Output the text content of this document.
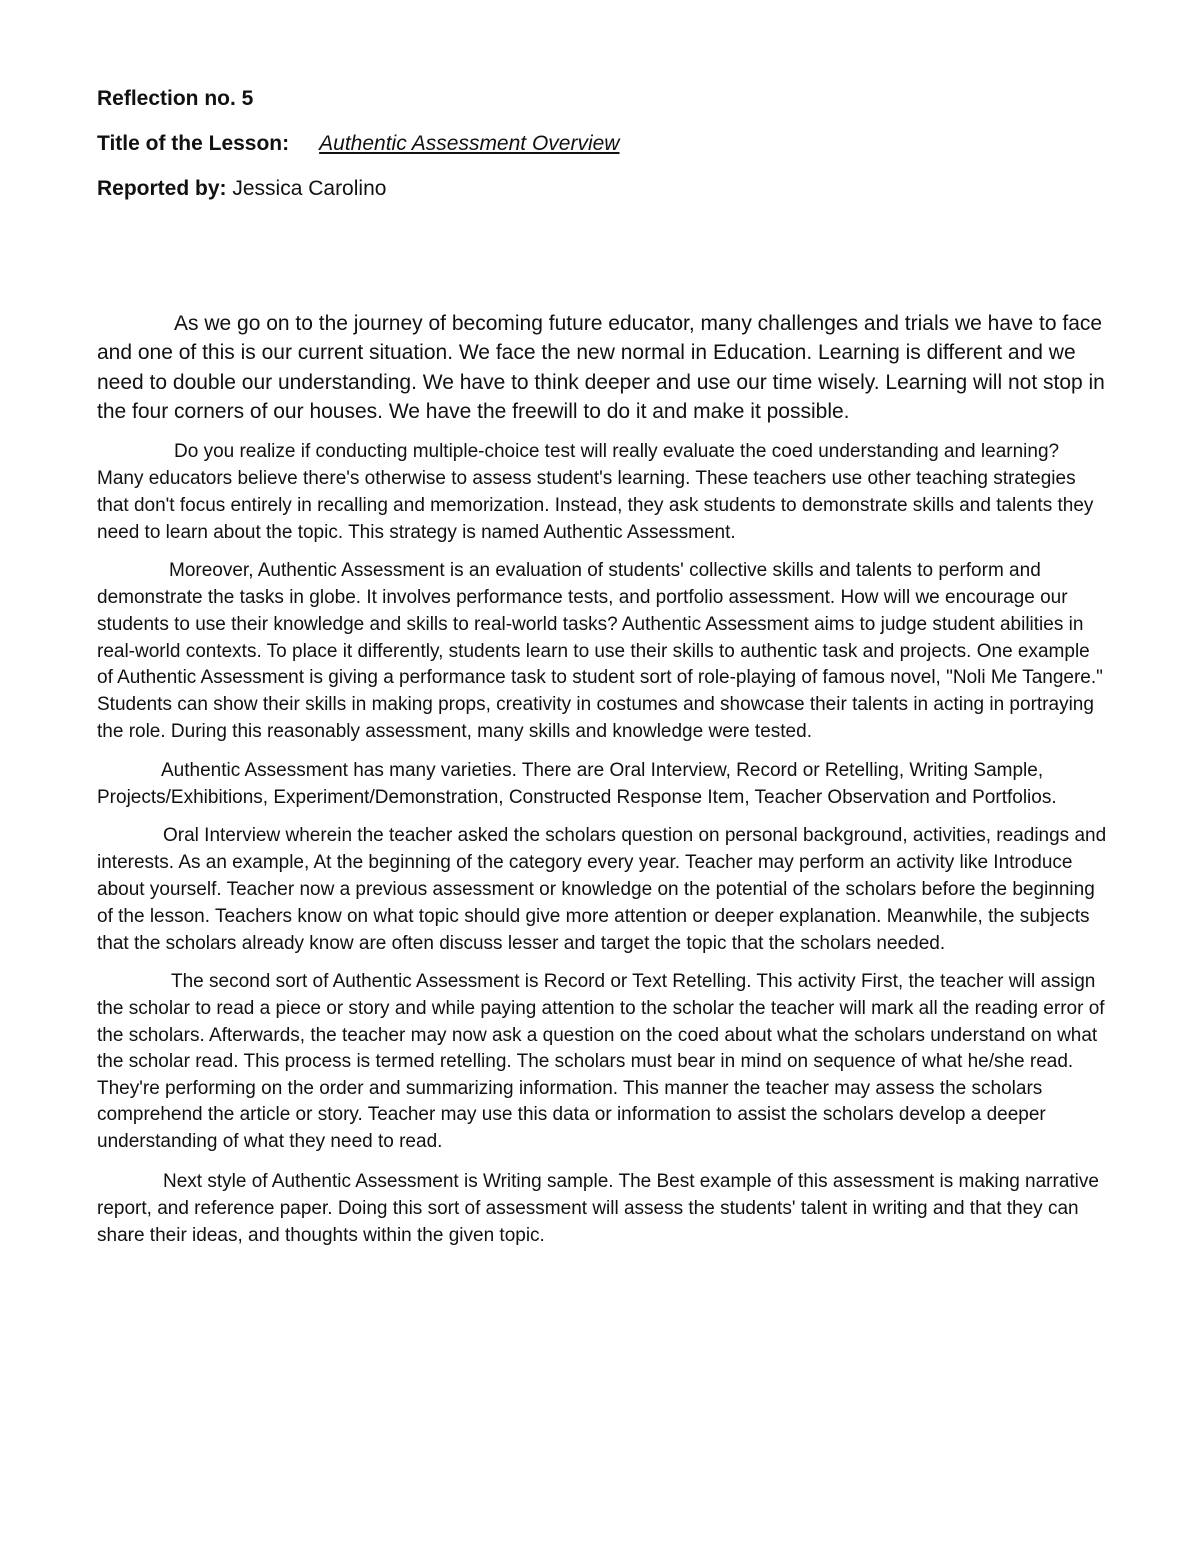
Reflection no. 5
Title of the Lesson: Authentic Assessment Overview
Reported by: Jessica Carolino

As we go on to the journey of becoming future educator, many challenges and trials we have to face and one of this is our current situation. We face the new normal in Education. Learning is different and we need to double our understanding. We have to think deeper and use our time wisely. Learning will not stop in the four corners of our houses. We have the freewill to do it and make it possible.

Do you realize if conducting multiple-choice test will really evaluate the coed understanding and learning? Many educators believe there's otherwise to assess student's learning. These teachers use other teaching strategies that don't focus entirely in recalling and memorization. Instead, they ask students to demonstrate skills and talents they need to learn about the topic. This strategy is named Authentic Assessment.

Moreover, Authentic Assessment is an evaluation of students' collective skills and talents to perform and demonstrate the tasks in globe. It involves performance tests, and portfolio assessment. How will we encourage our students to use their knowledge and skills to real-world tasks? Authentic Assessment aims to judge student abilities in real-world contexts. To place it differently, students learn to use their skills to authentic task and projects. One example of Authentic Assessment is giving a performance task to student sort of role-playing of famous novel, "Noli Me Tangere." Students can show their skills in making props, creativity in costumes and showcase their talents in acting in portraying the role. During this reasonably assessment, many skills and knowledge were tested.

Authentic Assessment has many varieties. There are Oral Interview, Record or Retelling, Writing Sample, Projects/Exhibitions, Experiment/Demonstration, Constructed Response Item, Teacher Observation and Portfolios.

Oral Interview wherein the teacher asked the scholars question on personal background, activities, readings and interests. As an example, At the beginning of the category every year. Teacher may perform an activity like Introduce about yourself. Teacher now a previous assessment or knowledge on the potential of the scholars before the beginning of the lesson. Teachers know on what topic should give more attention or deeper explanation. Meanwhile, the subjects that the scholars already know are often discuss lesser and target the topic that the scholars needed.

The second sort of Authentic Assessment is Record or Text Retelling. This activity First, the teacher will assign the scholar to read a piece or story and while paying attention to the scholar the teacher will mark all the reading error of the scholars. Afterwards, the teacher may now ask a question on the coed about what the scholars understand on what the scholar read. This process is termed retelling. The scholars must bear in mind on sequence of what he/she read. They're performing on the order and summarizing information. This manner the teacher may assess the scholars comprehend the article or story. Teacher may use this data or information to assist the scholars develop a deeper understanding of what they need to read.

Next style of Authentic Assessment is Writing sample. The Best example of this assessment is making narrative report, and reference paper. Doing this sort of assessment will assess the students' talent in writing and that they can share their ideas, and thoughts within the given topic.
